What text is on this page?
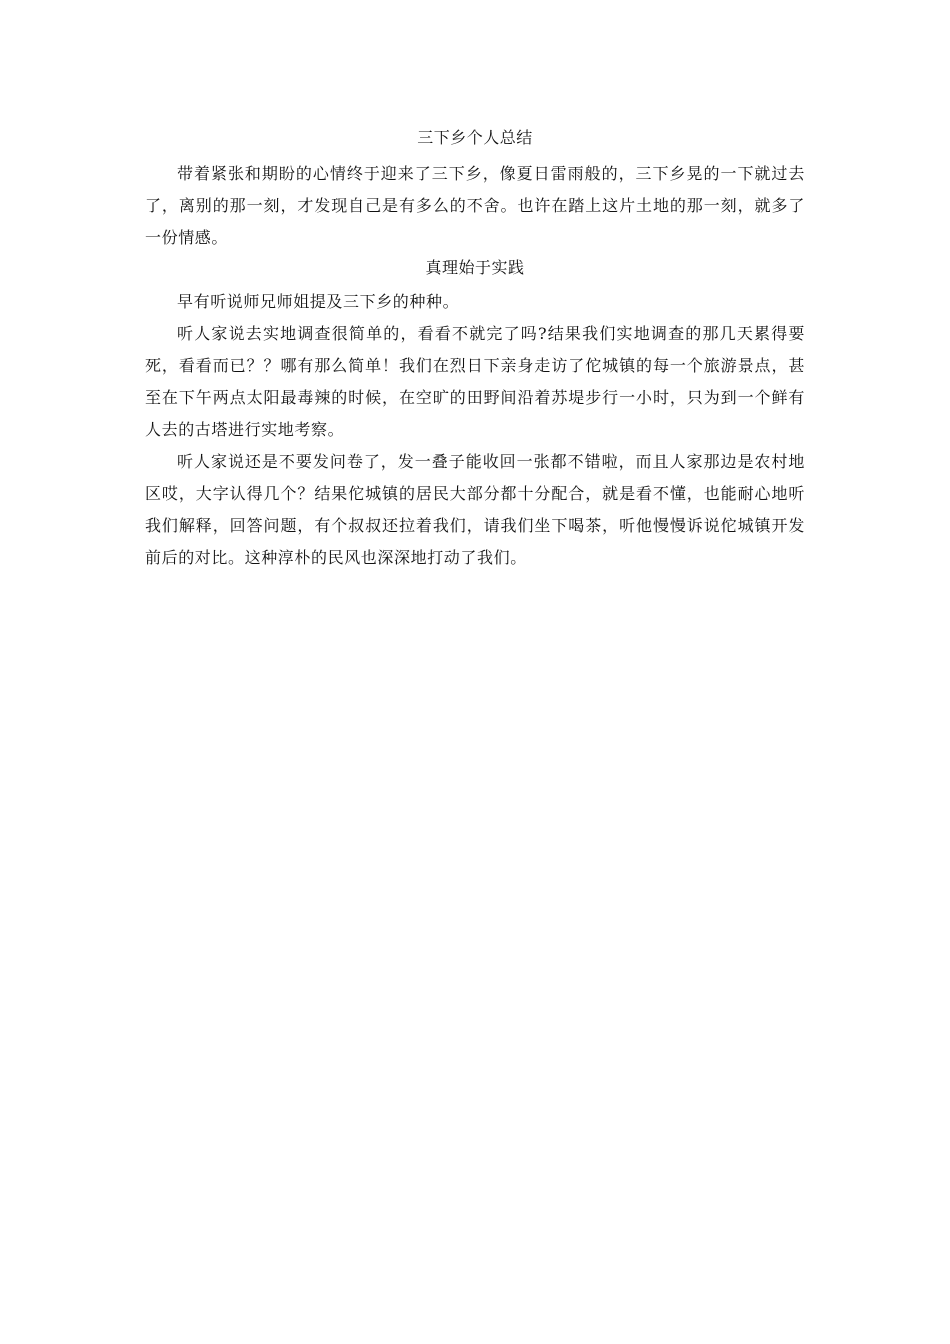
三下乡个人总结

带着紧张和期盼的心情终于迎来了三下乡，像夏日雷雨般的，三下乡晃的一下就过去了，离别的那一刻，才发现自己是有多么的不舍。也许在踏上这片土地的那一刻，就多了一份情感。

真理始于实践

早有听说师兄师姐提及三下乡的种种。

听人家说去实地调查很简单的，看看不就完了吗?结果我们实地调查的那几天累得要死，看看而已？？哪有那么简单！我们在烈日下亲身走访了佗城镇的每一个旅游景点，甚至在下午两点太阳最毒辣的时候，在空旷的田野间沿着苏堤步行一小时，只为到一个鲜有人去的古塔进行实地考察。

听人家说还是不要发问卷了，发一叠子能收回一张都不错啦，而且人家那边是农村地区哎，大字认得几个？结果佗城镇的居民大部分都十分配合，就是看不懂，也能耐心地听我们解释，回答问题，有个叔叔还拉着我们，请我们坐下喝茶，听他慢慢诉说佗城镇开发前后的对比。这种淳朴的民风也深深地打动了我们。
